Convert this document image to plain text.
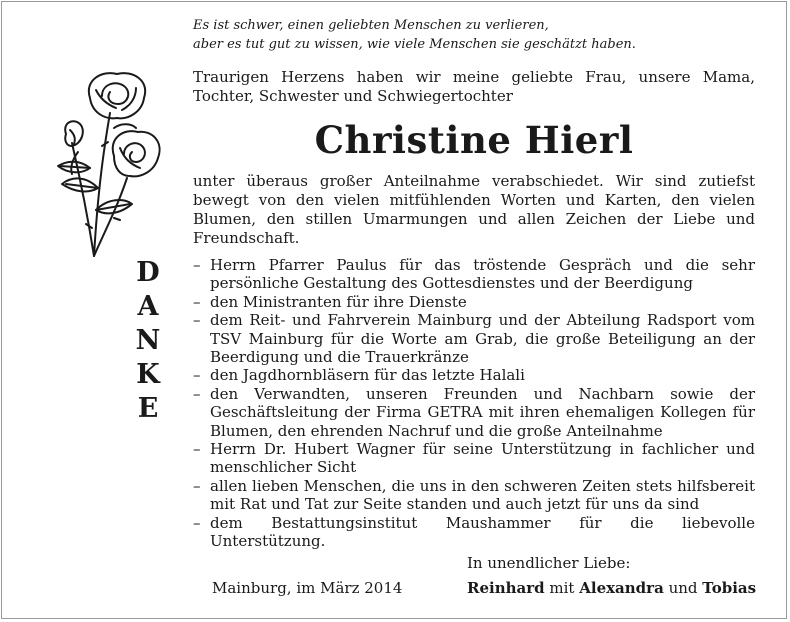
Es ist schwer, einen geliebten Menschen zu verlieren,
aber es tut gut zu wissen, wie viele Menschen sie geschätzt haben.
Traurigen Herzens haben wir meine geliebte Frau, unsere Mama, Tochter, Schwester und Schwiegertochter
Christine Hierl
unter überaus großer Anteilnahme verabschiedet. Wir sind zutiefst bewegt von den vielen mitfühlenden Worten und Karten, den vielen Blumen, den stillen Umarmungen und allen Zeichen der Liebe und Freundschaft.
D
A
N
K
E
– Herrn Pfarrer Paulus für das tröstende Gespräch und die sehr persönliche Gestaltung des Gottesdienstes und der Beerdigung
– den Ministranten für ihre Dienste
– dem Reit- und Fahrverein Mainburg und der Abteilung Radsport vom TSV Mainburg für die Worte am Grab, die große Beteiligung an der Beerdigung und die Trauerkränze
– den Jagdhornbläsern für das letzte Halali
– den Verwandten, unseren Freunden und Nachbarn sowie der Geschäftsleitung der Firma GETRA mit ihren ehemaligen Kollegen für Blumen, den ehrenden Nachruf und die große Anteilnahme
– Herrn Dr. Hubert Wagner für seine Unterstützung in fachlicher und menschlicher Sicht
– allen lieben Menschen, die uns in den schweren Zeiten stets hilfsbereit mit Rat und Tat zur Seite standen und auch jetzt für uns da sind
– dem Bestattungsinstitut Maushammer für die liebevolle Unterstützung.
In unendlicher Liebe:
Mainburg, im März 2014	Reinhard mit Alexandra und Tobias
